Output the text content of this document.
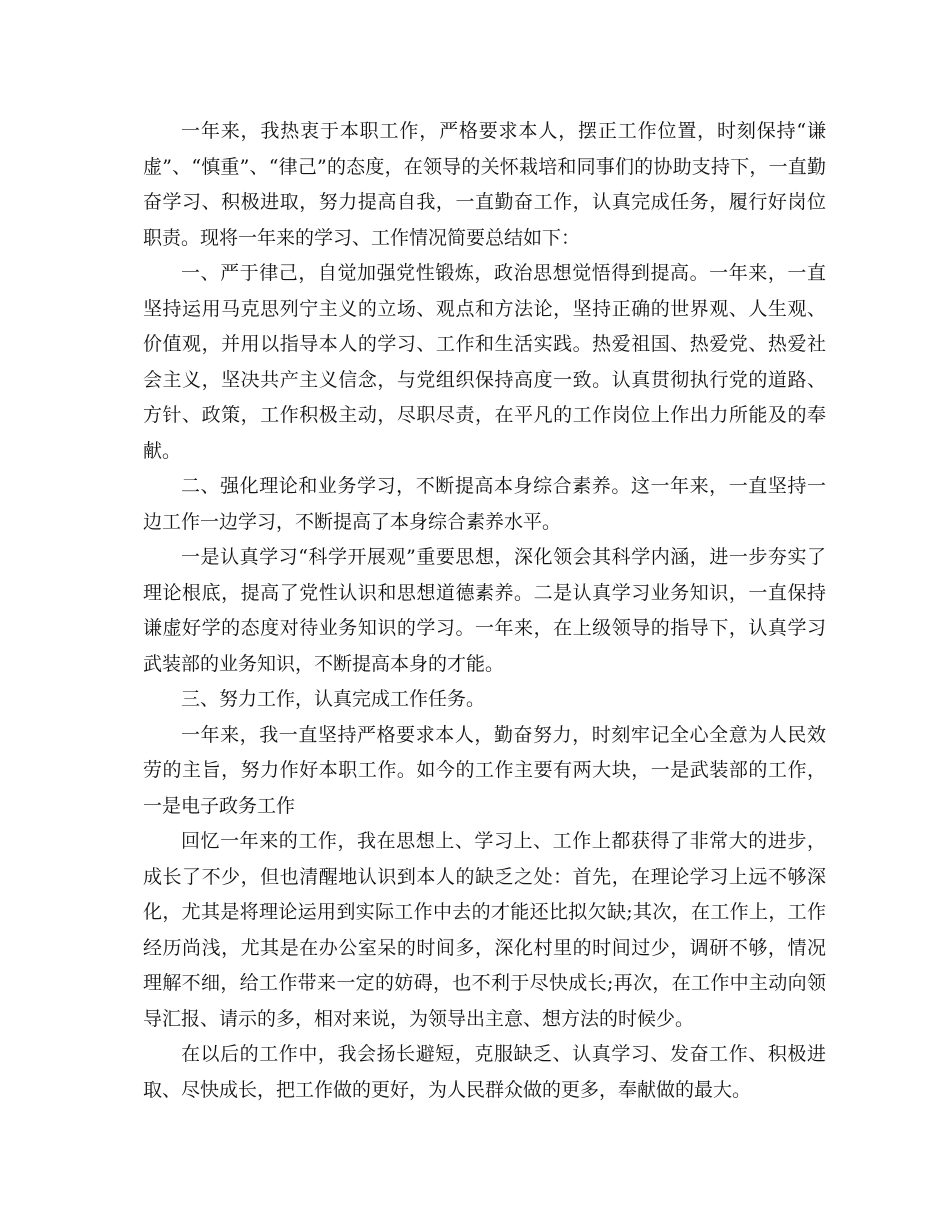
一年来，我热衷于本职工作，严格要求本人，摆正工作位置，时刻保持“谦虚”、“慎重”、“律己”的态度，在领导的关怀栽培和同事们的协助支持下，一直勤奋学习、积极进取，努力提高自我，一直勤奋工作，认真完成任务，履行好岗位职责。现将一年来的学习、工作情况简要总结如下：

一、严于律己，自觉加强党性锻炼，政治思想觉悟得到提高。一年来，一直坚持运用马克思列宁主义的立场、观点和方法论，坚持正确的世界观、人生观、价值观，并用以指导本人的学习、工作和生活实践。热爱祖国、热爱党、热爱社会主义，坚决共产主义信念，与党组织保持高度一致。认真贯彻执行党的道路、方针、政策，工作积极主动，尽职尽责，在平凡的工作岗位上作出力所能及的奉献。

二、强化理论和业务学习，不断提高本身综合素养。这一年来，一直坚持一边工作一边学习，不断提高了本身综合素养水平。

一是认真学习“科学开展观”重要思想，深化领会其科学内涵，进一步夯实了理论根底，提高了党性认识和思想道德素养。二是认真学习业务知识，一直保持谦虚好学的态度对待业务知识的学习。一年来，在上级领导的指导下，认真学习武装部的业务知识，不断提高本身的才能。

三、努力工作，认真完成工作任务。

一年来，我一直坚持严格要求本人，勤奋努力，时刻牢记全心全意为人民效劳的主旨，努力作好本职工作。如今的工作主要有两大块，一是武装部的工作，一是电子政务工作

回忆一年来的工作，我在思想上、学习上、工作上都获得了非常大的进步，成长了不少，但也清醒地认识到本人的缺乏之处：首先，在理论学习上远不够深化，尤其是将理论运用到实际工作中去的才能还比拟欠缺;其次，在工作上，工作经历尚浅，尤其是在办公室呆的时间多，深化村里的时间过少，调研不够，情况理解不细，给工作带来一定的妨碍，也不利于尽快成长;再次，在工作中主动向领导汇报、请示的多，相对来说，为领导出主意、想方法的时候少。

在以后的工作中，我会扬长避短，克服缺乏、认真学习、发奋工作、积极进取、尽快成长，把工作做的更好，为人民群众做的更多，奉献做的最大。
